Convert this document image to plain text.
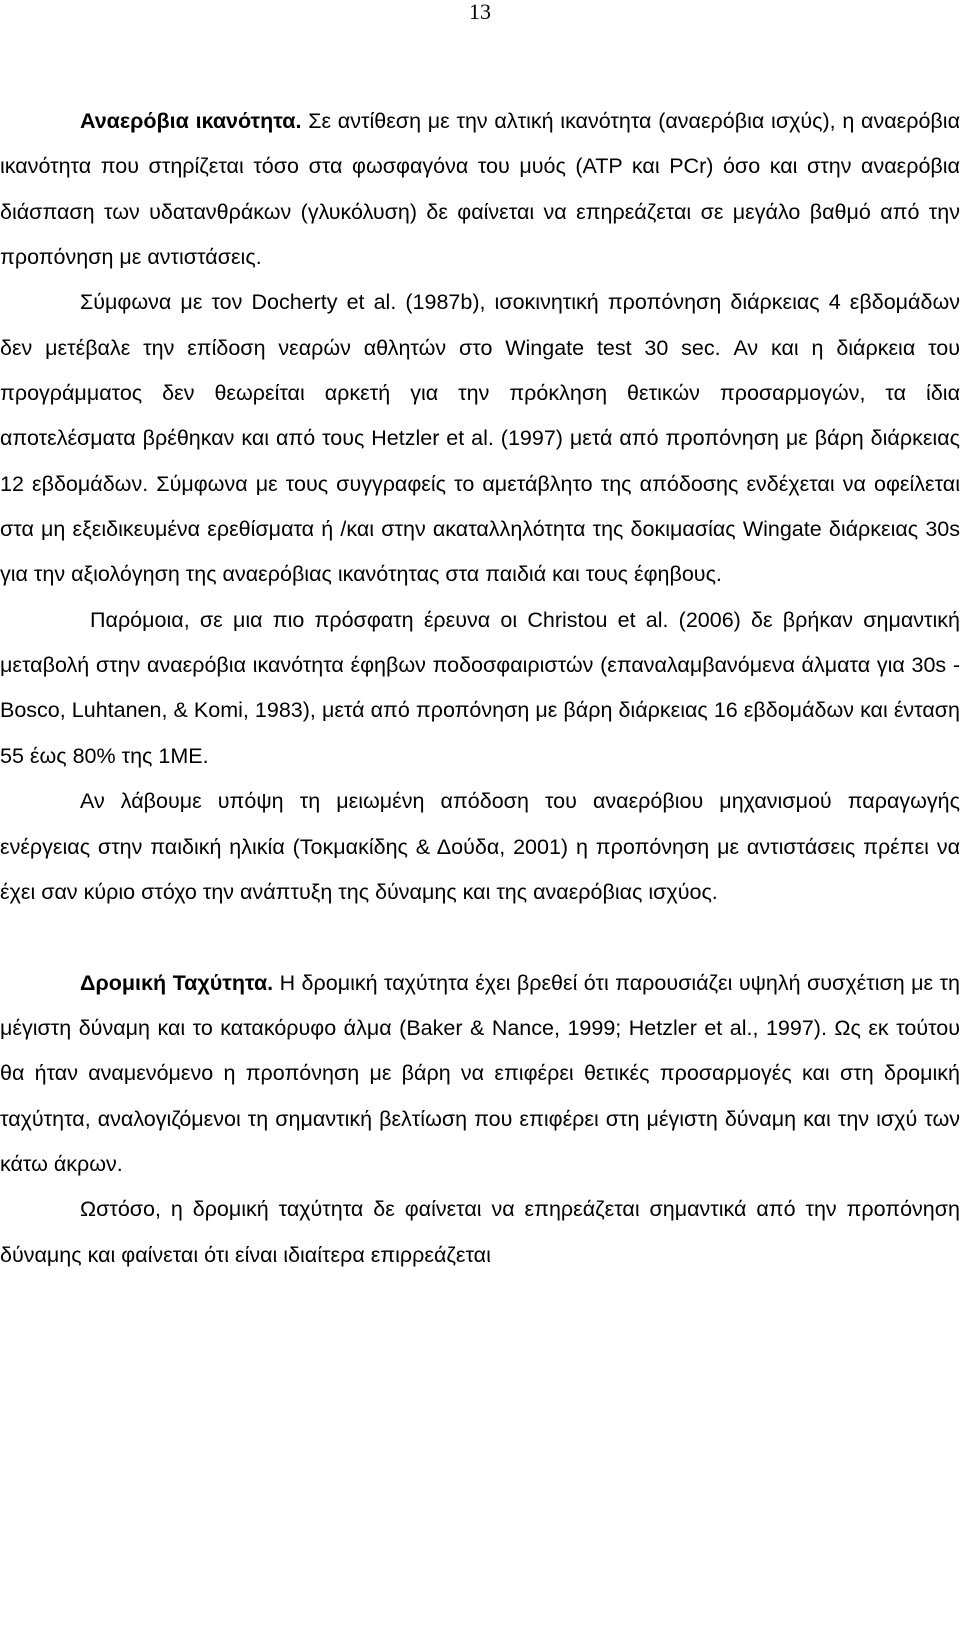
13

Αναερόβια ικανότητα. Σε αντίθεση με την αλτική ικανότητα (αναερόβια ισχύς), η αναερόβια ικανότητα που στηρίζεται τόσο στα φωσφαγόνα του μυός (ATP και PCr) όσο και στην αναερόβια διάσπαση των υδατανθράκων (γλυκόλυση) δε φαίνεται να επηρεάζεται σε μεγάλο βαθμό από την προπόνηση με αντιστάσεις.

Σύμφωνα με τον Docherty et al. (1987b), ισοκινητική προπόνηση διάρκειας 4 εβδομάδων δεν μετέβαλε την επίδοση νεαρών αθλητών στο Wingate test 30 sec. Αν και η διάρκεια του προγράμματος δεν θεωρείται αρκετή για την πρόκληση θετικών προσαρμογών, τα ίδια αποτελέσματα βρέθηκαν και από τους Hetzler et al. (1997) μετά από προπόνηση με βάρη διάρκειας 12 εβδομάδων. Σύμφωνα με τους συγγραφείς το αμετάβλητο της απόδοσης ενδέχεται να οφείλεται στα μη εξειδικευμένα ερεθίσματα ή /και στην ακαταλληλότητα της δοκιμασίας Wingate διάρκειας 30s για την αξιολόγηση της αναερόβιας ικανότητας στα παιδιά και τους έφηβους.

Παρόμοια, σε μια πιο πρόσφατη έρευνα οι Christou et al. (2006) δε βρήκαν σημαντική μεταβολή στην αναερόβια ικανότητα έφηβων ποδοσφαιριστών (επαναλαμβανόμενα άλματα για 30s - Bosco, Luhtanen, & Komi, 1983), μετά από προπόνηση με βάρη διάρκειας 16 εβδομάδων και ένταση 55 έως 80% της 1ΜΕ.

Αν λάβουμε υπόψη τη μειωμένη απόδοση του αναερόβιου μηχανισμού παραγωγής ενέργειας στην παιδική ηλικία (Τοκμακίδης & Δούδα, 2001) η προπόνηση με αντιστάσεις πρέπει να έχει σαν κύριο στόχο την ανάπτυξη της δύναμης και της αναερόβιας ισχύος.

Δρομική Ταχύτητα. Η δρομική ταχύτητα έχει βρεθεί ότι παρουσιάζει υψηλή συσχέτιση με τη μέγιστη δύναμη και το κατακόρυφο άλμα (Baker & Nance, 1999; Hetzler et al., 1997). Ως εκ τούτου θα ήταν αναμενόμενο η προπόνηση με βάρη να επιφέρει θετικές προσαρμογές και στη δρομική ταχύτητα, αναλογιζόμενοι τη σημαντική βελτίωση που επιφέρει στη μέγιστη δύναμη και την ισχύ των κάτω άκρων.

Ωστόσο, η δρομική ταχύτητα δε φαίνεται να επηρεάζεται σημαντικά από την προπόνηση δύναμης και φαίνεται ότι είναι ιδιαίτερα επιρρεάζεται
